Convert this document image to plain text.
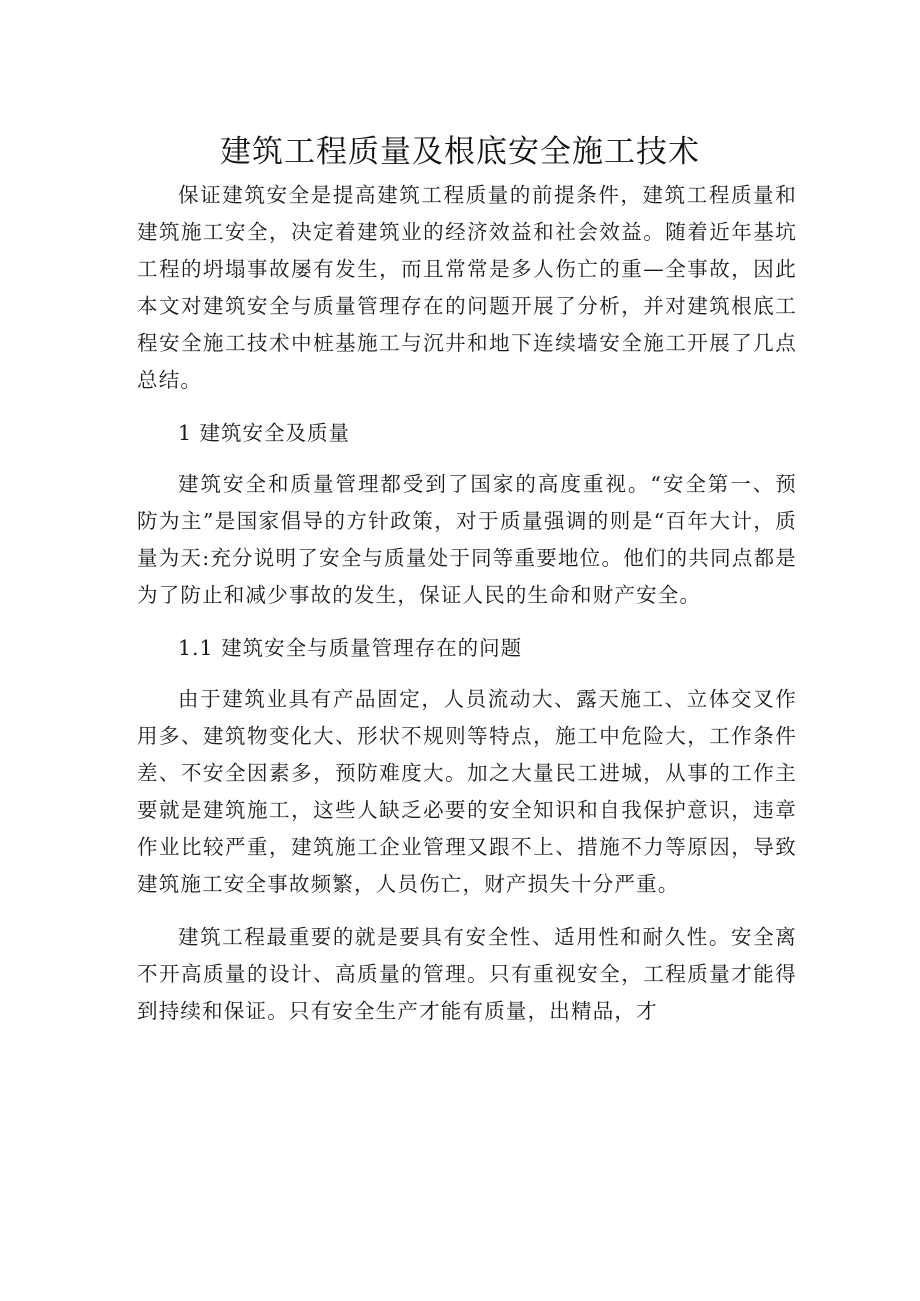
建筑工程质量及根底安全施工技术

保证建筑安全是提高建筑工程质量的前提条件，建筑工程质量和建筑施工安全，决定着建筑业的经济效益和社会效益。随着近年基坑工程的坍塌事故屡有发生，而且常常是多人伤亡的重—全事故，因此本文对建筑安全与质量管理存在的问题开展了分析，并对建筑根底工程安全施工技术中桩基施工与沉井和地下连续墙安全施工开展了几点总结。

1 建筑安全及质量

建筑安全和质量管理都受到了国家的高度重视。“安全第一、预防为主”是国家倡导的方针政策，对于质量强调的则是“百年大计，质量为天:充分说明了安全与质量处于同等重要地位。他们的共同点都是为了防止和减少事故的发生，保证人民的生命和财产安全。

1.1 建筑安全与质量管理存在的问题

由于建筑业具有产品固定，人员流动大、露天施工、立体交叉作用多、建筑物变化大、形状不规则等特点，施工中危险大，工作条件差、不安全因素多，预防难度大。加之大量民工进城，从事的工作主要就是建筑施工，这些人缺乏必要的安全知识和自我保护意识，违章作业比较严重，建筑施工企业管理又跟不上、措施不力等原因，导致建筑施工安全事故频繁，人员伤亡，财产损失十分严重。

建筑工程最重要的就是要具有安全性、适用性和耐久性。安全离不开高质量的设计、高质量的管理。只有重视安全，工程质量才能得到持续和保证。只有安全生产才能有质量，出精品，才
